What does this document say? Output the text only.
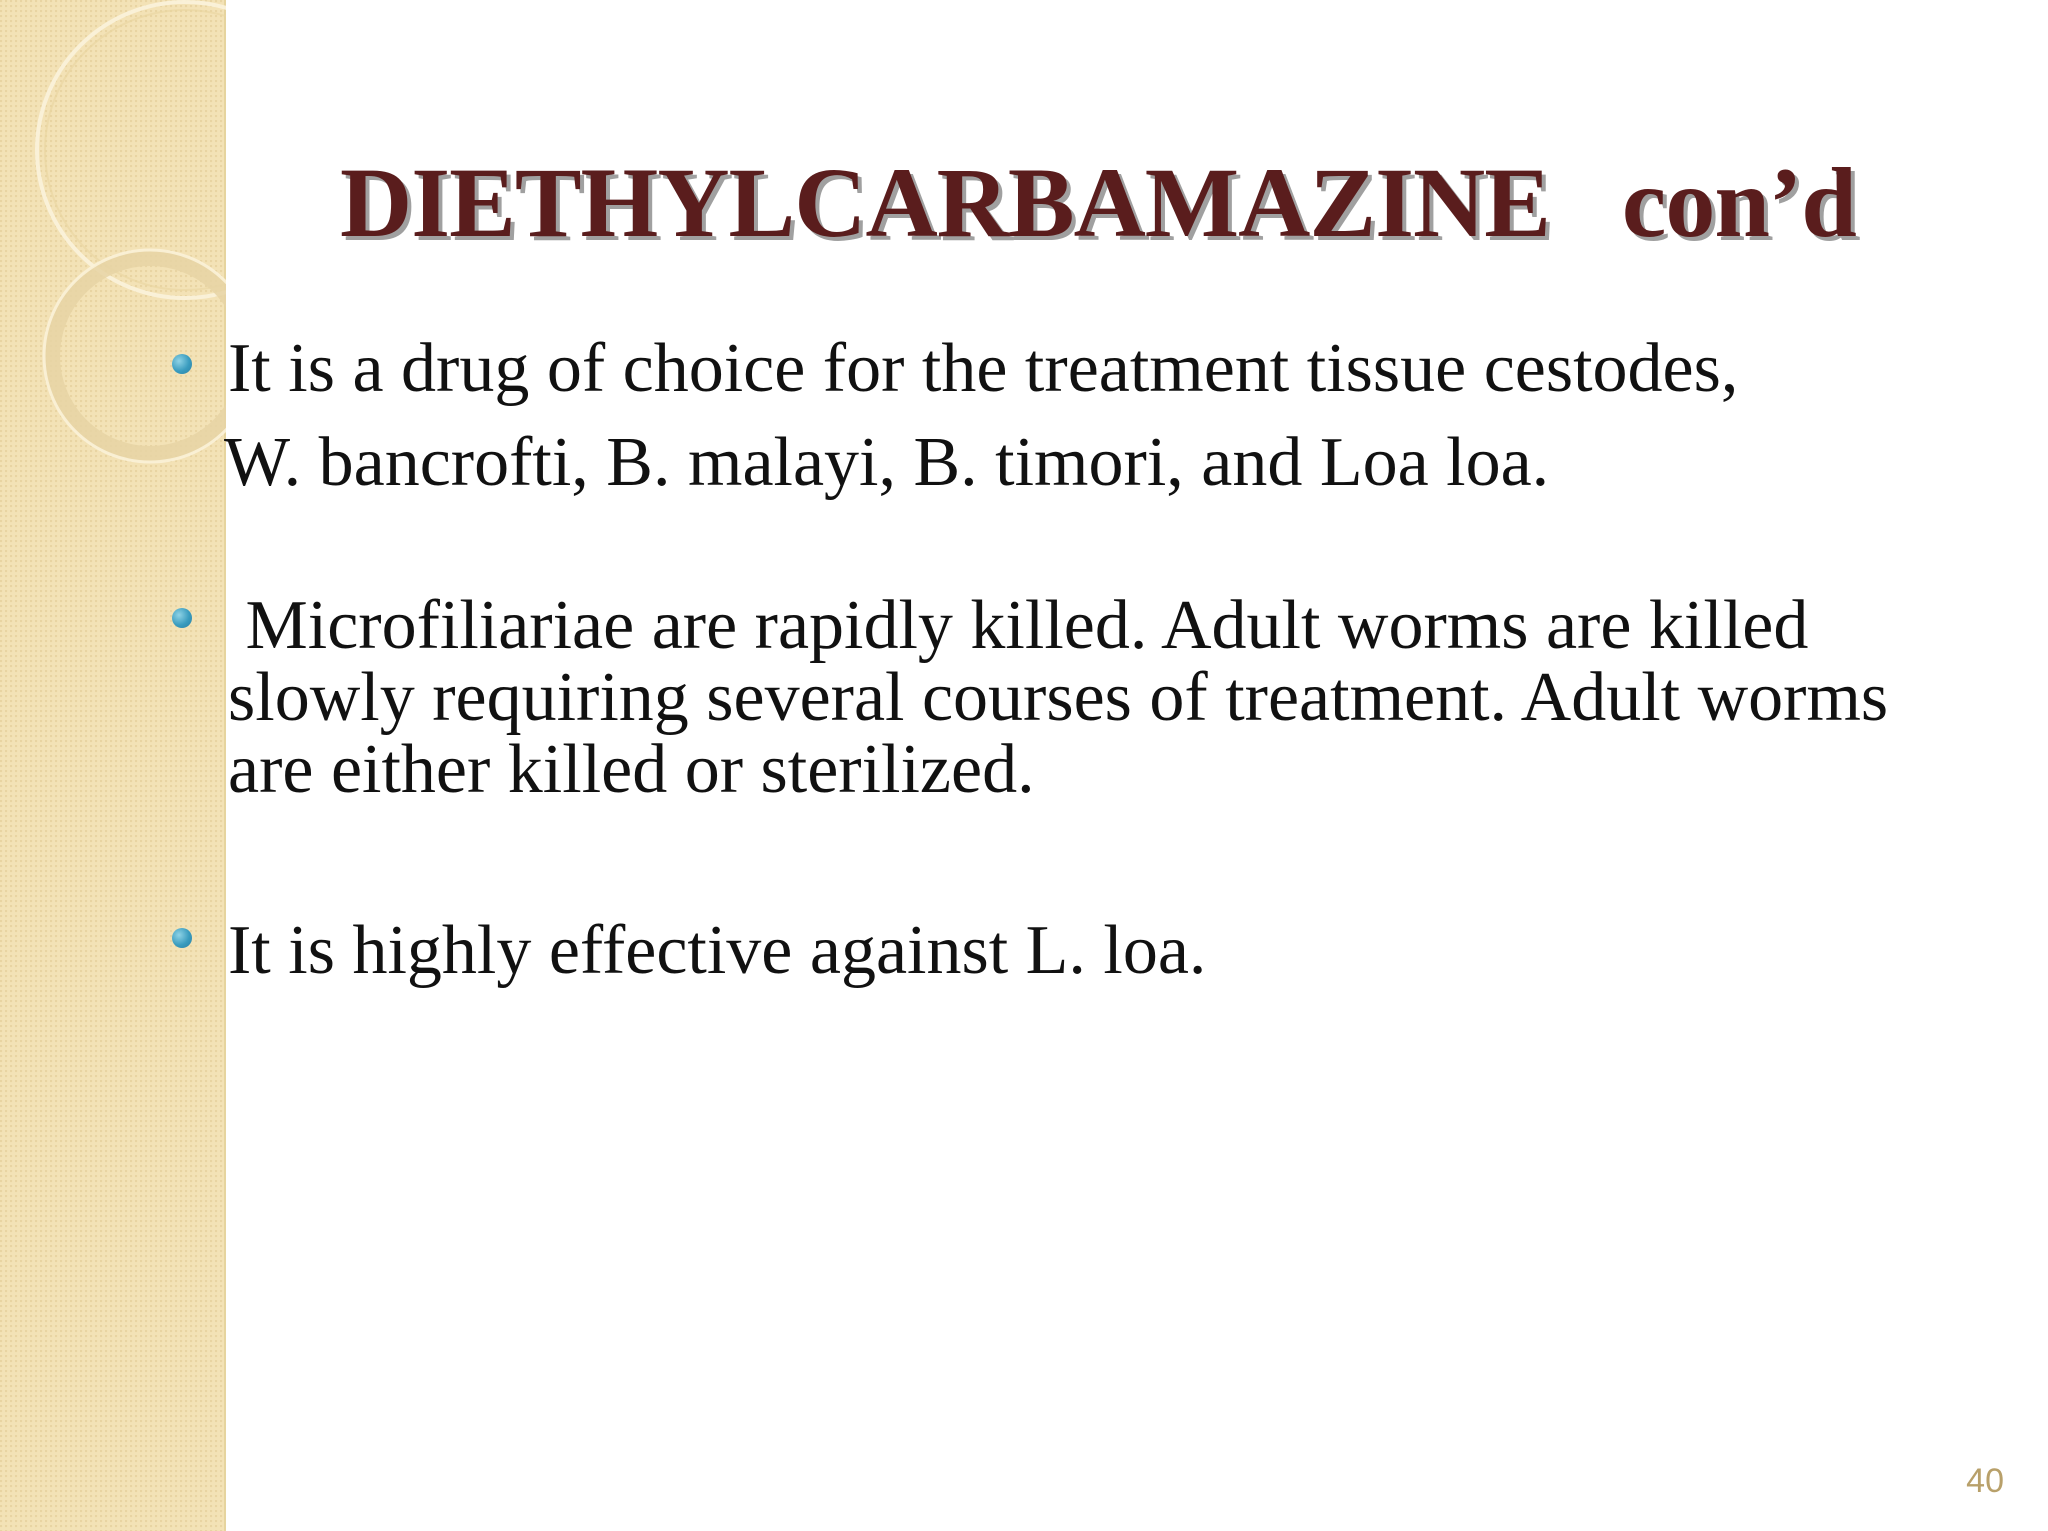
DIETHYLCARBAMAZINE   con’d
It is a drug of choice for the treatment tissue cestodes,
W. bancrofti, B. malayi, B. timori, and Loa loa.
Microfiliariae are rapidly killed. Adult worms are killed
slowly requiring several courses of treatment. Adult worms
are either killed or sterilized.
It is highly effective against L. loa.
40
